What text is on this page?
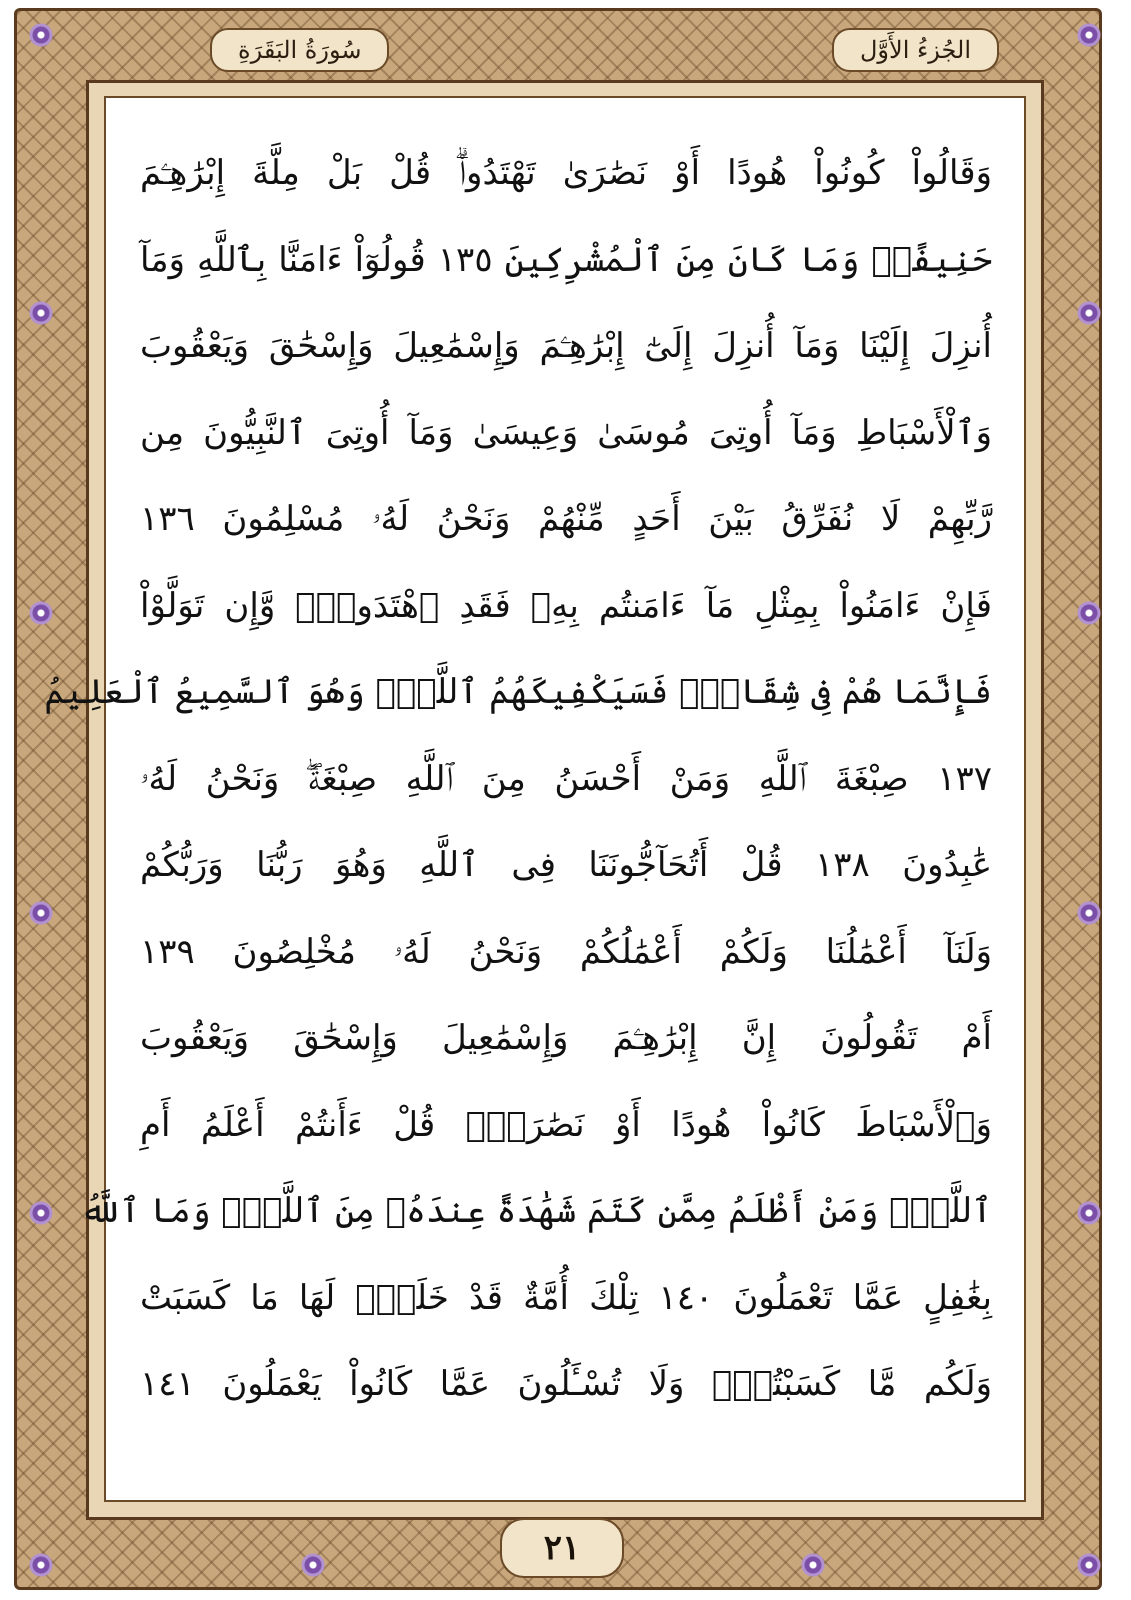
الجُزءُ الأَوَّل
سُورَةُ البَقَرَةِ
وَقَالُواْ كُونُواْ هُودًا أَوْ نَصَٰرَىٰ تَهْتَدُواْۗ قُلْ بَلْ مِلَّةَ إِبْرَٰهِـۧمَ
حَنِيفًاۖ وَمَا كَانَ مِنَ ٱلْمُشْرِكِينَ ١٣٥ قُولُوٓاْ ءَامَنَّا بِٱللَّهِ وَمَآ
أُنزِلَ إِلَيْنَا وَمَآ أُنزِلَ إِلَىٰٓ إِبْرَٰهِـۧمَ وَإِسْمَٰعِيلَ وَإِسْحَٰقَ وَيَعْقُوبَ
وَٱلْأَسْبَاطِ وَمَآ أُوتِىَ مُوسَىٰ وَعِيسَىٰ وَمَآ أُوتِىَ ٱلنَّبِيُّونَ مِن
رَّبِّهِمْ لَا نُفَرِّقُ بَيْنَ أَحَدٍ مِّنْهُمْ وَنَحْنُ لَهُۥ مُسْلِمُونَ ١٣٦
فَإِنْ ءَامَنُواْ بِمِثْلِ مَآ ءَامَنتُم بِهِۦ فَقَدِ ٱهْتَدَواْۖ وَّإِن تَوَلَّوْاْ
فَإِنَّمَا هُمْ فِى شِقَاقٍۖ فَسَيَكْفِيكَهُمُ ٱللَّهُۚ وَهُوَ ٱلسَّمِيعُ ٱلْعَلِيمُ
١٣٧ صِبْغَةَ ٱللَّهِ وَمَنْ أَحْسَنُ مِنَ ٱللَّهِ صِبْغَةًۖ وَنَحْنُ لَهُۥ
عَٰبِدُونَ ١٣٨ قُلْ أَتُحَآجُّونَنَا فِى ٱللَّهِ وَهُوَ رَبُّنَا وَرَبُّكُمْ
وَلَنَآ أَعْمَٰلُنَا وَلَكُمْ أَعْمَٰلُكُمْ وَنَحْنُ لَهُۥ مُخْلِصُونَ ١٣٩
أَمْ تَقُولُونَ إِنَّ إِبْرَٰهِـۧمَ وَإِسْمَٰعِيلَ وَإِسْحَٰقَ وَيَعْقُوبَ
وَٱلْأَسْبَاطَ كَانُواْ هُودًا أَوْ نَصَٰرَىٰۗ قُلْ ءَأَنتُمْ أَعْلَمُ أَمِ
ٱللَّهُۗ وَمَنْ أَظْلَمُ مِمَّن كَتَمَ شَهَٰدَةً عِندَهُۥ مِنَ ٱللَّهِۗ وَمَا ٱللَّهُ
بِغَٰفِلٍ عَمَّا تَعْمَلُونَ ١٤٠ تِلْكَ أُمَّةٌ قَدْ خَلَتْۖ لَهَا مَا كَسَبَتْ
وَلَكُم مَّا كَسَبْتُمْۖ وَلَا تُسْـَٔلُونَ عَمَّا كَانُواْ يَعْمَلُونَ ١٤١
٢١
